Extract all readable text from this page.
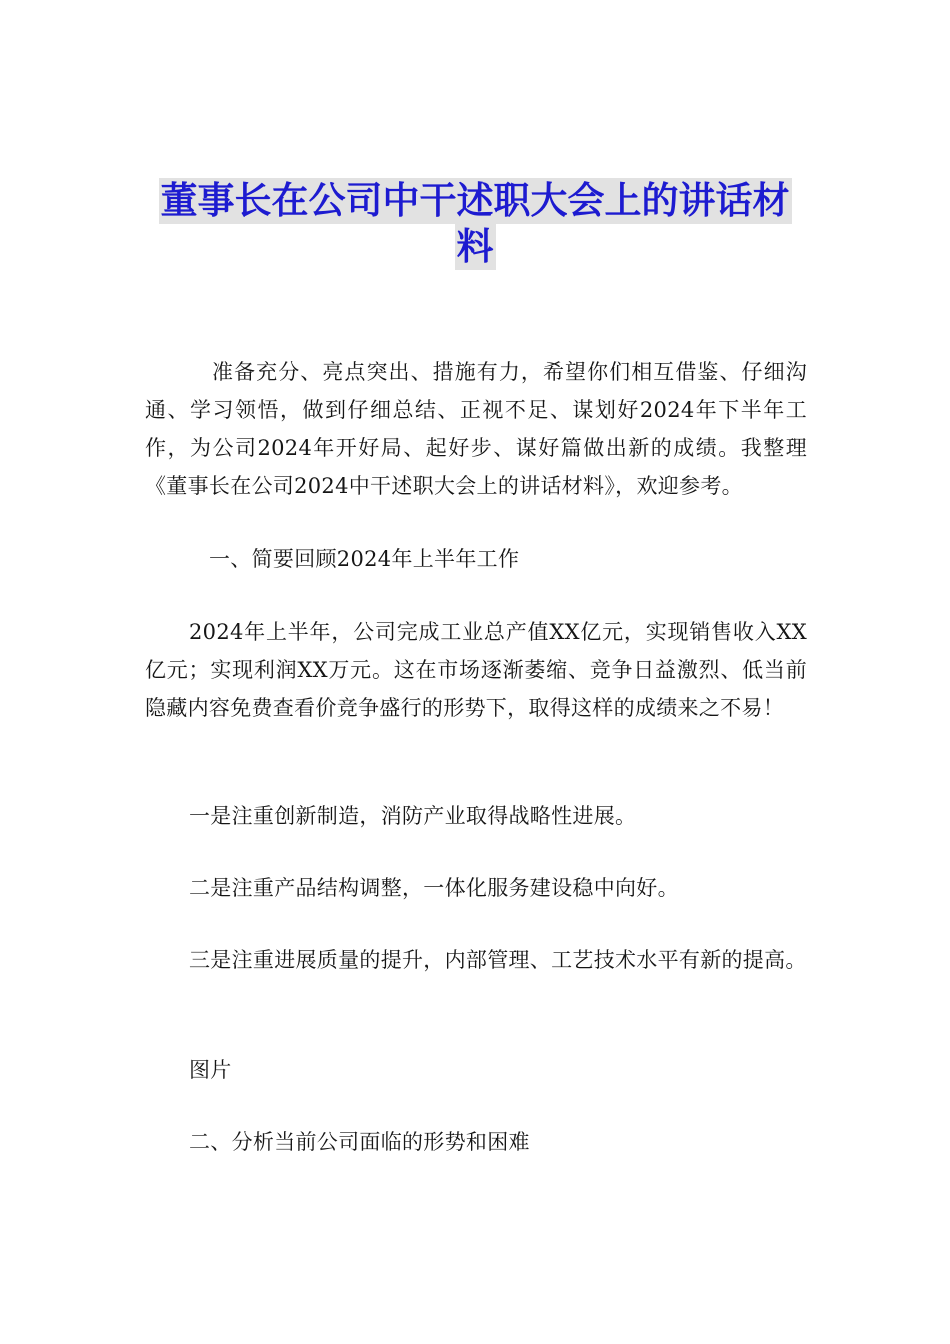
董事长在公司中干述职大会上的讲话材
料

准备充分、亮点突出、措施有力，希望你们相互借鉴、仔细沟通、学习领悟，做到仔细总结、正视不足、谋划好2024年下半年工作，为公司2024年开好局、起好步、谋好篇做出新的成绩。我整理《董事长在公司2024中干述职大会上的讲话材料》，欢迎参考。

一、简要回顾2024年上半年工作

2024年上半年，公司完成工业总产值XX亿元，实现销售收入XX亿元；实现利润XX万元。这在市场逐渐萎缩、竞争日益激烈、低当前隐藏内容免费查看价竞争盛行的形势下，取得这样的成绩来之不易！

一是注重创新制造，消防产业取得战略性进展。

二是注重产品结构调整，一体化服务建设稳中向好。

三是注重进展质量的提升，内部管理、工艺技术水平有新的提高。

图片

二、分析当前公司面临的形势和困难
